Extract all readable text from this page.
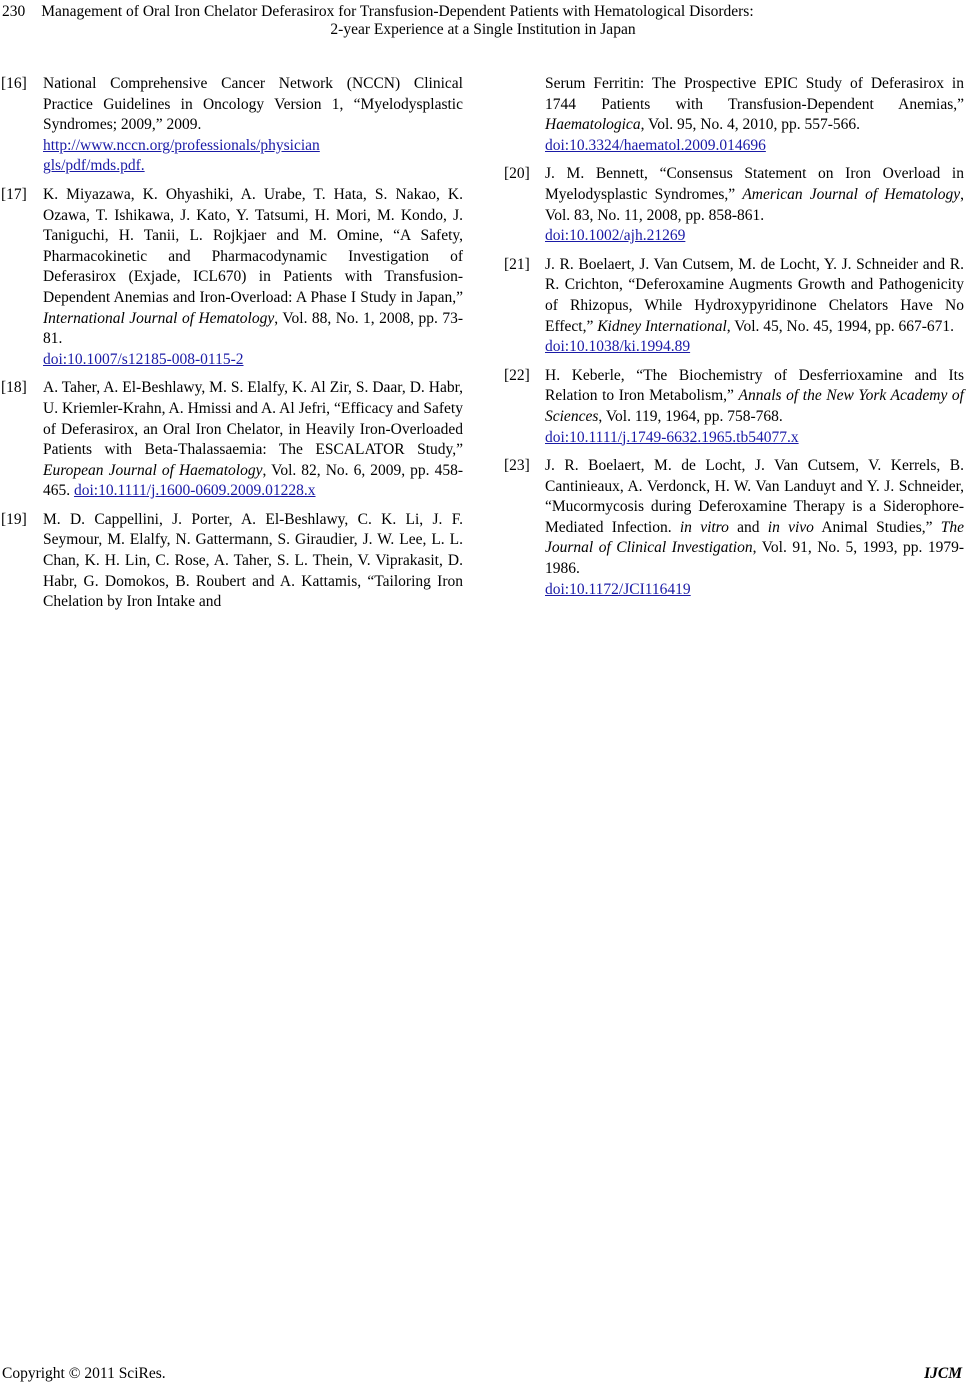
230 Management of Oral Iron Chelator Deferasirox for Transfusion-Dependent Patients with Hematological Disorders:
2-year Experience at a Single Institution in Japan
[16] National Comprehensive Cancer Network (NCCN) Clinical Practice Guidelines in Oncology Version 1, “Myelodysplastic Syndromes; 2009,” 2009.
http://www.nccn.org/professionals/physician
gls/pdf/mds.pdf.
[17] K. Miyazawa, K. Ohyashiki, A. Urabe, T. Hata, S. Nakao, K. Ozawa, T. Ishikawa, J. Kato, Y. Tatsumi, H. Mori, M. Kondo, J. Taniguchi, H. Tanii, L. Rojkjaer and M. Omine, “A Safety, Pharmacokinetic and Pharmacodynamic Investigation of Deferasirox (Exjade, ICL670) in Patients with Transfusion-Dependent Anemias and Iron-Overload: A Phase I Study in Japan,” International Journal of Hematology, Vol. 88, No. 1, 2008, pp. 73-81.
doi:10.1007/s12185-008-0115-2
[18] A. Taher, A. El-Beshlawy, M. S. Elalfy, K. Al Zir, S. Daar, D. Habr, U. Kriemler-Krahn, A. Hmissi and A. Al Jefri, “Efficacy and Safety of Deferasirox, an Oral Iron Chelator, in Heavily Iron-Overloaded Patients with Beta-Thalassaemia: The ESCALATOR Study,” European Journal of Haematology, Vol. 82, No. 6, 2009, pp. 458-465. doi:10.1111/j.1600-0609.2009.01228.x
[19] M. D. Cappellini, J. Porter, A. El-Beshlawy, C. K. Li, J. F. Seymour, M. Elalfy, N. Gattermann, S. Giraudier, J. W. Lee, L. L. Chan, K. H. Lin, C. Rose, A. Taher, S. L. Thein, V. Viprakasit, D. Habr, G. Domokos, B. Roubert and A. Kattamis, “Tailoring Iron Chelation by Iron Intake and
Serum Ferritin: The Prospective EPIC Study of Deferasirox in 1744 Patients with Transfusion-Dependent Anemias,” Haematologica, Vol. 95, No. 4, 2010, pp. 557-566.
doi:10.3324/haematol.2009.014696
[20] J. M. Bennett, “Consensus Statement on Iron Overload in Myelodysplastic Syndromes,” American Journal of Hematology, Vol. 83, No. 11, 2008, pp. 858-861.
doi:10.1002/ajh.21269
[21] J. R. Boelaert, J. Van Cutsem, M. de Locht, Y. J. Schneider and R. R. Crichton, “Deferoxamine Augments Growth and Pathogenicity of Rhizopus, While Hydroxypyridinone Chelators Have No Effect,” Kidney International, Vol. 45, No. 45, 1994, pp. 667-671.
doi:10.1038/ki.1994.89
[22] H. Keberle, “The Biochemistry of Desferrioxamine and Its Relation to Iron Metabolism,” Annals of the New York Academy of Sciences, Vol. 119, 1964, pp. 758-768.
doi:10.1111/j.1749-6632.1965.tb54077.x
[23] J. R. Boelaert, M. de Locht, J. Van Cutsem, V. Kerrels, B. Cantinieaux, A. Verdonck, H. W. Van Landuyt and Y. J. Schneider, “Mucormycosis during Deferoxamine Therapy is a Siderophore-Mediated Infection. in vitro and in vivo Animal Studies,” The Journal of Clinical Investigation, Vol. 91, No. 5, 1993, pp. 1979-1986.
doi:10.1172/JCI116419
Copyright © 2011 SciRes.	IJCM
